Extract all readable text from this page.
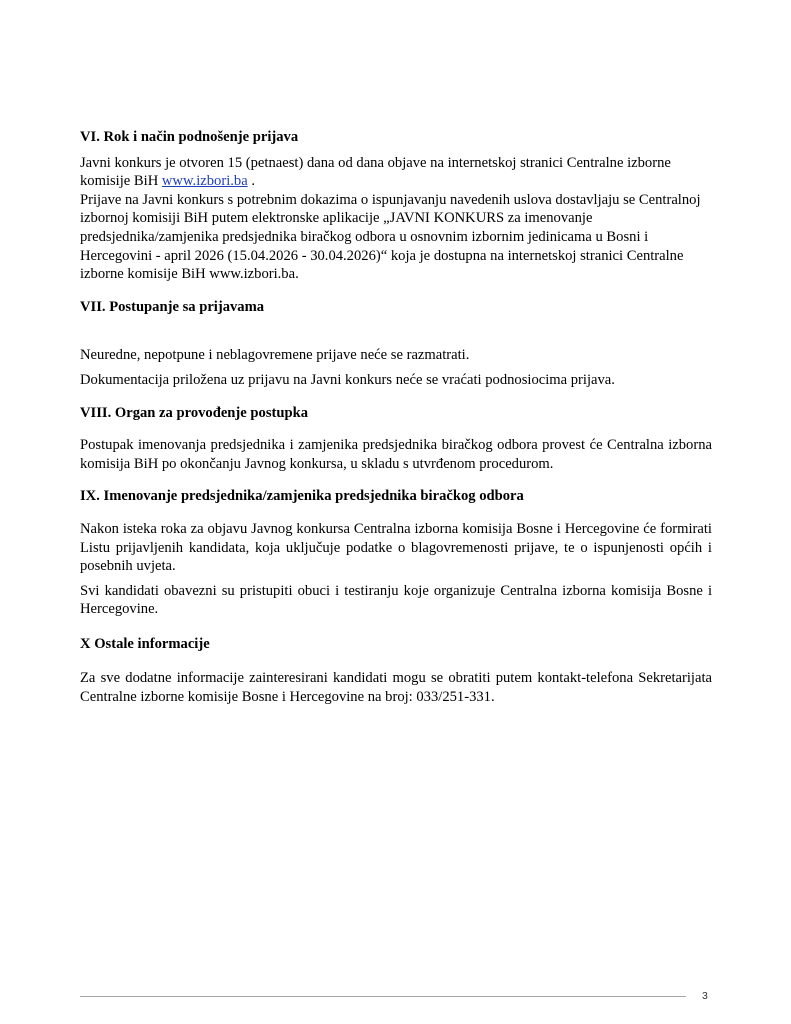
VI. Rok i način podnošenje prijava

Javni konkurs je otvoren 15 (petnaest) dana od dana objave na internetskoj stranici Centralne izborne komisije BiH www.izbori.ba .

Prijave na Javni konkurs s potrebnim dokazima o ispunjavanju navedenih uslova dostavljaju se Centralnoj izbornoj komisiji BiH putem elektronske aplikacije „JAVNI KONKURS za imenovanje predsjednika/zamjenika predsjednika biračkog odbora u osnovnim izbornim jedinicama u Bosni i Hercegovini - april 2026 (15.04.2026 - 30.04.2026)“ koja je dostupna na internetskoj stranici Centralne izborne komisije BiH www.izbori.ba.

VII. Postupanje sa prijavama

Neuredne, nepotpune i neblagovremene prijave neće se razmatrati.

Dokumentacija priložena uz prijavu na Javni konkurs neće se vraćati podnosiocima prijava.

VIII. Organ za provođenje postupka

Postupak imenovanja predsjednika i zamjenika predsjednika biračkog odbora provest će Centralna izborna komisija BiH po okončanju Javnog konkursa, u skladu s utvrđenom procedurom.

IX. Imenovanje predsjednika/zamjenika predsjednika biračkog odbora

Nakon isteka roka za objavu Javnog konkursa Centralna izborna komisija Bosne i Hercegovine će formirati Listu prijavljenih kandidata, koja uključuje podatke o blagovremenosti prijave, te o ispunjenosti općih i posebnih uvjeta.

Svi kandidati obavezni su pristupiti obuci i testiranju koje organizuje Centralna izborna komisija Bosne i Hercegovine.

X Ostale informacije

Za sve dodatne informacije zainteresirani kandidati mogu se obratiti putem kontakt-telefona Sekretarijata Centralne izborne komisije Bosne i Hercegovine na broj: 033/251-331.

3
